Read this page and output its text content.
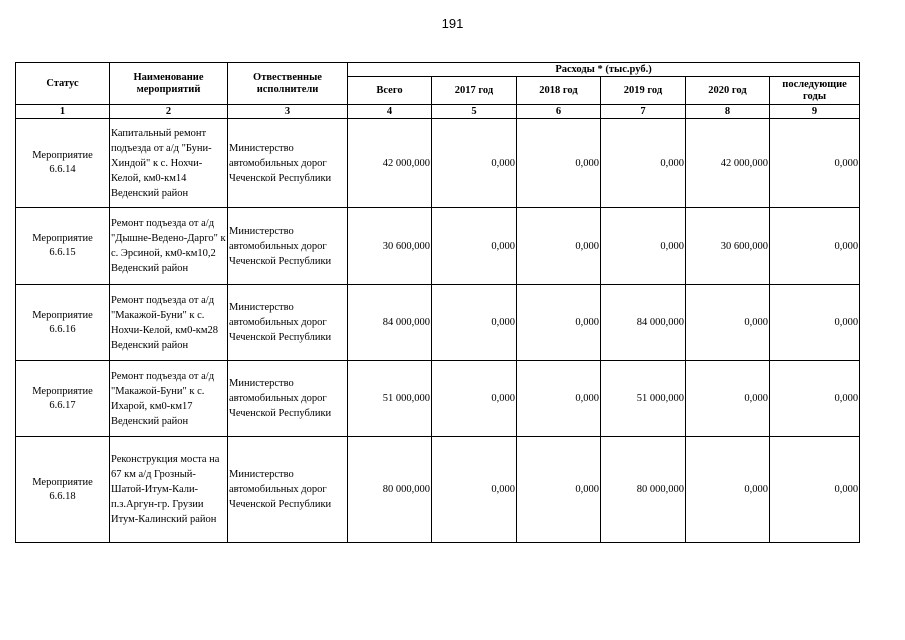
191
Статус	Наименование мероприятий	Отвественные исполнители	Расходы * (тыс.руб.)					
			Всего	2017 год	2018 год	2019 год	2020 год	последующие годы
1	2	3	4	5	6	7	8	9
Мероприятие 6.6.14	Капитальный ремонт подъезда от а/д "Буни-Хиндой" к с. Нохчи-Келой, км0-км14 Веденский район	Министерство автомобильных дорог Чеченской Республики	42 000,000	0,000	0,000	0,000	42 000,000	0,000
Мероприятие 6.6.15	Ремонт подъезда от а/д "Дышне-Ведено-Дарго" к с. Эрсиной, км0-км10,2 Веденский район	Министерство автомобильных дорог Чеченской Республики	30 600,000	0,000	0,000	0,000	30 600,000	0,000
Мероприятие 6.6.16	Ремонт подъезда от а/д "Макажой-Буни" к с. Нохчи-Келой, км0-км28 Веденский район	Министерство автомобильных дорог Чеченской Республики	84 000,000	0,000	0,000	84 000,000	0,000	0,000
Мероприятие 6.6.17	Ремонт подъезда от а/д "Макажой-Буни" к с. Ихарой, км0-км17 Веденский район	Министерство автомобильных дорог Чеченской Республики	51 000,000	0,000	0,000	51 000,000	0,000	0,000
Мероприятие 6.6.18	Реконструкция моста на 67 км а/д Грозный-Шатой-Итум-Кали-п.з.Аргун-гр. Грузии Итум-Калинский район	Министерство автомобильных дорог Чеченской Республики	80 000,000	0,000	0,000	80 000,000	0,000	0,000
